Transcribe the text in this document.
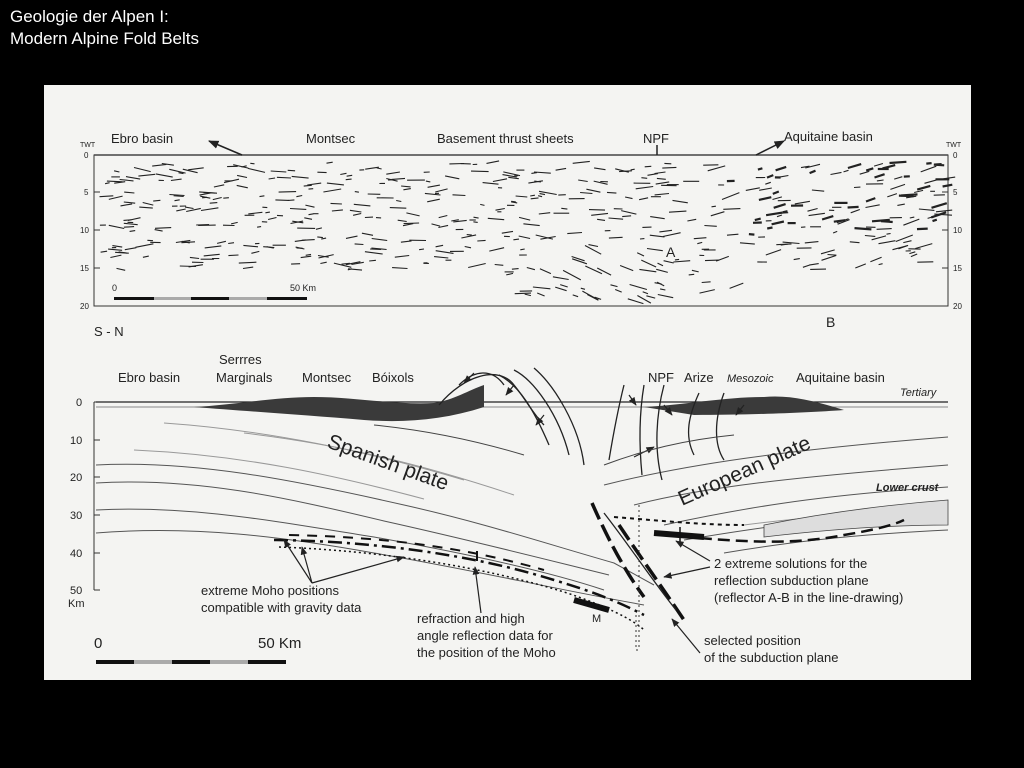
Geologie der Alpen I:
Modern Alpine Fold Belts
TWT	TWT
0
5
10
15
20
0
5
10
15
20
Ebro basin	Montsec	Basement thrust sheets	NPF	Aquitaine basin
A
B
0	50 Km
S - N
0
10
20
30
40
50
Km
Ebro basin
Serrres
Marginals Montsec Bóixols	NPF Arize Mesozoic Aquitaine basin
Tertiary
Lower crust
M
Spanish plate	European plate
extreme Moho positions
compatible with gravity data
refraction and high
angle reflection data for
the position of the Moho
2 extreme solutions for the
reflection subduction plane
(reflector A-B in the line-drawing)
selected position
of the subduction plane
0	50 Km
